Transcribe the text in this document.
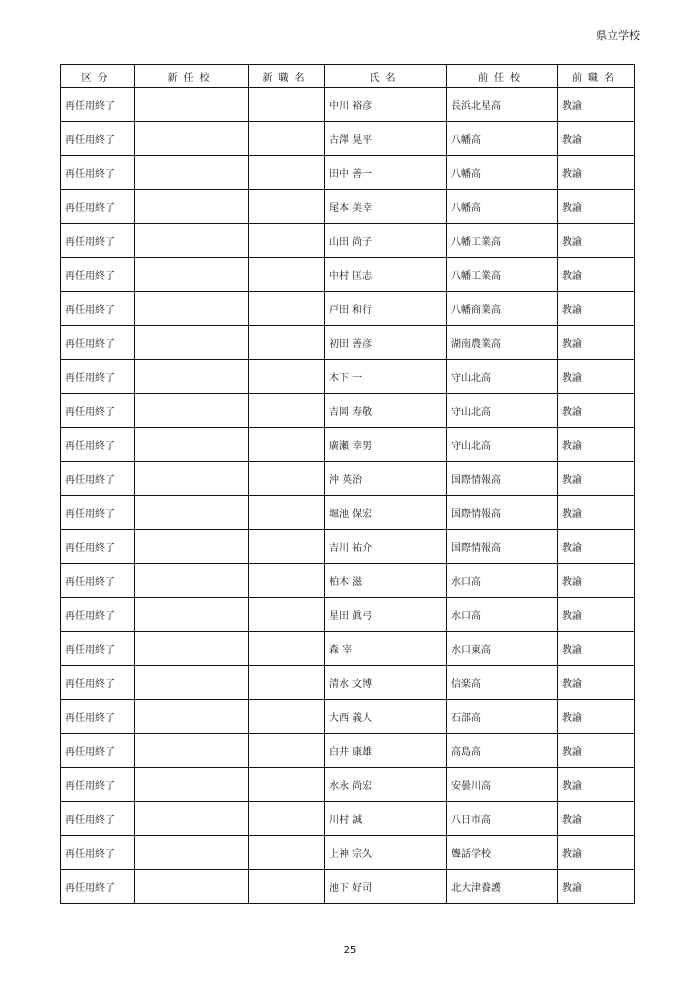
県立学校
区分	新任校	新職名	氏名	前任校	前職名
再任用終了			中川 裕彦	長浜北星高	教諭
再任用終了			古澤 晃平	八幡高	教諭
再任用終了			田中 善一	八幡高	教諭
再任用終了			尾本 美幸	八幡高	教諭
再任用終了			山田 尚子	八幡工業高	教諭
再任用終了			中村 匡志	八幡工業高	教諭
再任用終了			戸田 和行	八幡商業高	教諭
再任用終了			初田 善彦	湖南農業高	教諭
再任用終了			木下 一	守山北高	教諭
再任用終了			吉岡 寿敬	守山北高	教諭
再任用終了			廣瀬 幸男	守山北高	教諭
再任用終了			沖 英治	国際情報高	教諭
再任用終了			堀池 保宏	国際情報高	教諭
再任用終了			吉川 祐介	国際情報高	教諭
再任用終了			柏木 滋	水口高	教諭
再任用終了			星田 眞弓	水口高	教諭
再任用終了			森 宰	水口東高	教諭
再任用終了			清水 文博	信楽高	教諭
再任用終了			大西 義人	石部高	教諭
再任用終了			白井 康雄	高島高	教諭
再任用終了			水永 尚宏	安曇川高	教諭
再任用終了			川村 誠	八日市高	教諭
再任用終了			上神 宗久	聾話学校	教諭
再任用終了			池下 好司	北大津養護	教諭
25
